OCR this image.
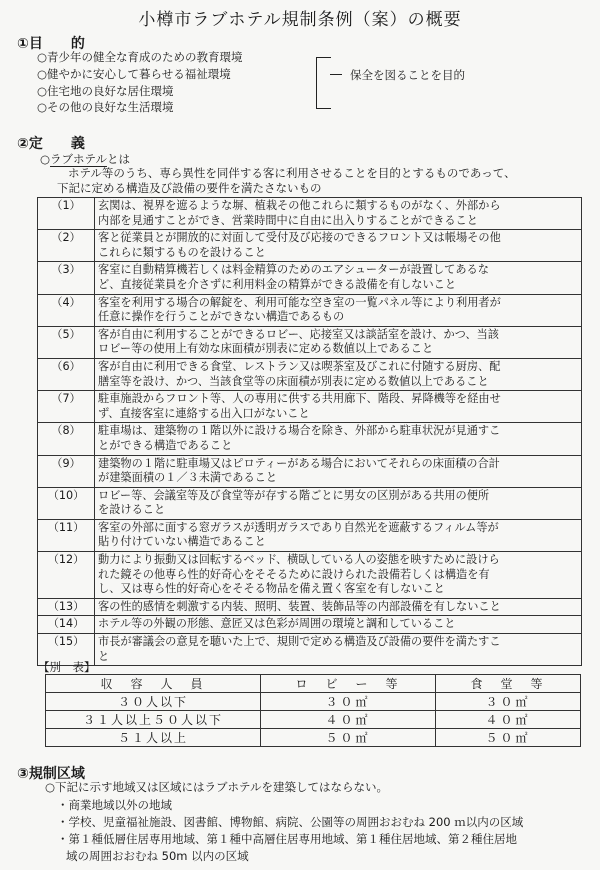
小樽市ラブホテル規制条例（案）の概要
①目　　的
○青少年の健全な育成のための教育環境
○健やかに安心して暮らせる福祉環境
○住宅地の良好な居住環境
○その他の良好な生活環境
保全を図ることを目的
②定　　義
○ラブホテルとは
ホテル等のうち、専ら異性を同伴する客に利用させることを目的とするものであって、
下記に定める構造及び設備の要件を満たさないもの
（1）	玄関は、視界を遮るような塀、植栽その他これらに類するものがなく、外部から
内部を見通すことができ、営業時間中に自由に出入りすることができること
（2）	客と従業員とが開放的に対面して受付及び応接のできるフロント又は帳場その他
これらに類するものを設けること
（3）	客室に自動精算機若しくは料金精算のためのエアシューターが設置してあるな
ど、直接従業員を介さずに利用料金の精算ができる設備を有しないこと
（4）	客室を利用する場合の解錠を、利用可能な空き室の一覧パネル等により利用者が
任意に操作を行うことができない構造であるもの
（5）	客が自由に利用することができるロビー、応接室又は談話室を設け、かつ、当該
ロビー等の使用上有効な床面積が別表に定める数値以上であること
（6）	客が自由に利用できる食堂、レストラン又は喫茶室及びこれに付随する厨房、配
膳室等を設け、かつ、当該食堂等の床面積が別表に定める数値以上であること
（7）	駐車施設からフロント等、人の専用に供する共用廊下、階段、昇降機等を経由せ
ず、直接客室に連絡する出入口がないこと
（8）	駐車場は、建築物の１階以外に設ける場合を除き、外部から駐車状況が見通すこ
とができる構造であること
（9）	建築物の１階に駐車場又はピロティーがある場合においてそれらの床面積の合計
が建築面積の１／３未満であること
（10）	ロビー等、会議室等及び食堂等が存する階ごとに男女の区別がある共用の便所
を設けること
（11）	客室の外部に面する窓ガラスが透明ガラスであり自然光を遮蔽するフィルム等が
貼り付けていない構造であること
（12）	動力により振動又は回転するベッド、横臥している人の姿態を映すために設けら
れた鏡その他専ら性的好奇心をそそるために設けられた設備若しくは構造を有
し、又は専ら性的好奇心をそそる物品を備え置く客室を有しないこと
（13）	客の性的感情を刺激する内装、照明、装置、装飾品等の内部設備を有しないこと
（14）	ホテル等の外観の形態、意匠又は色彩が周囲の環境と調和していること
（15）	市長が審議会の意見を聴いた上で、規則で定める構造及び設備の要件を満たすこ
と
【別　表】
収　容　人　員	ロ　ビ　ー　等	食　堂　等
３０人以下	３０㎡	３０㎡
３１人以上５０人以下	４０㎡	４０㎡
５１人以上	５０㎡	５０㎡
③規制区域
○下記に示す地域又は区域にはラブホテルを建築してはならない。
・商業地域以外の地域
・学校、児童福祉施設、図書館、博物館、病院、公園等の周囲おおむね 200 ｍ以内の区域
・第１種低層住居専用地域、第１種中高層住居専用地域、第１種住居地域、第２種住居地
域の周囲おおむね 50m 以内の区域
